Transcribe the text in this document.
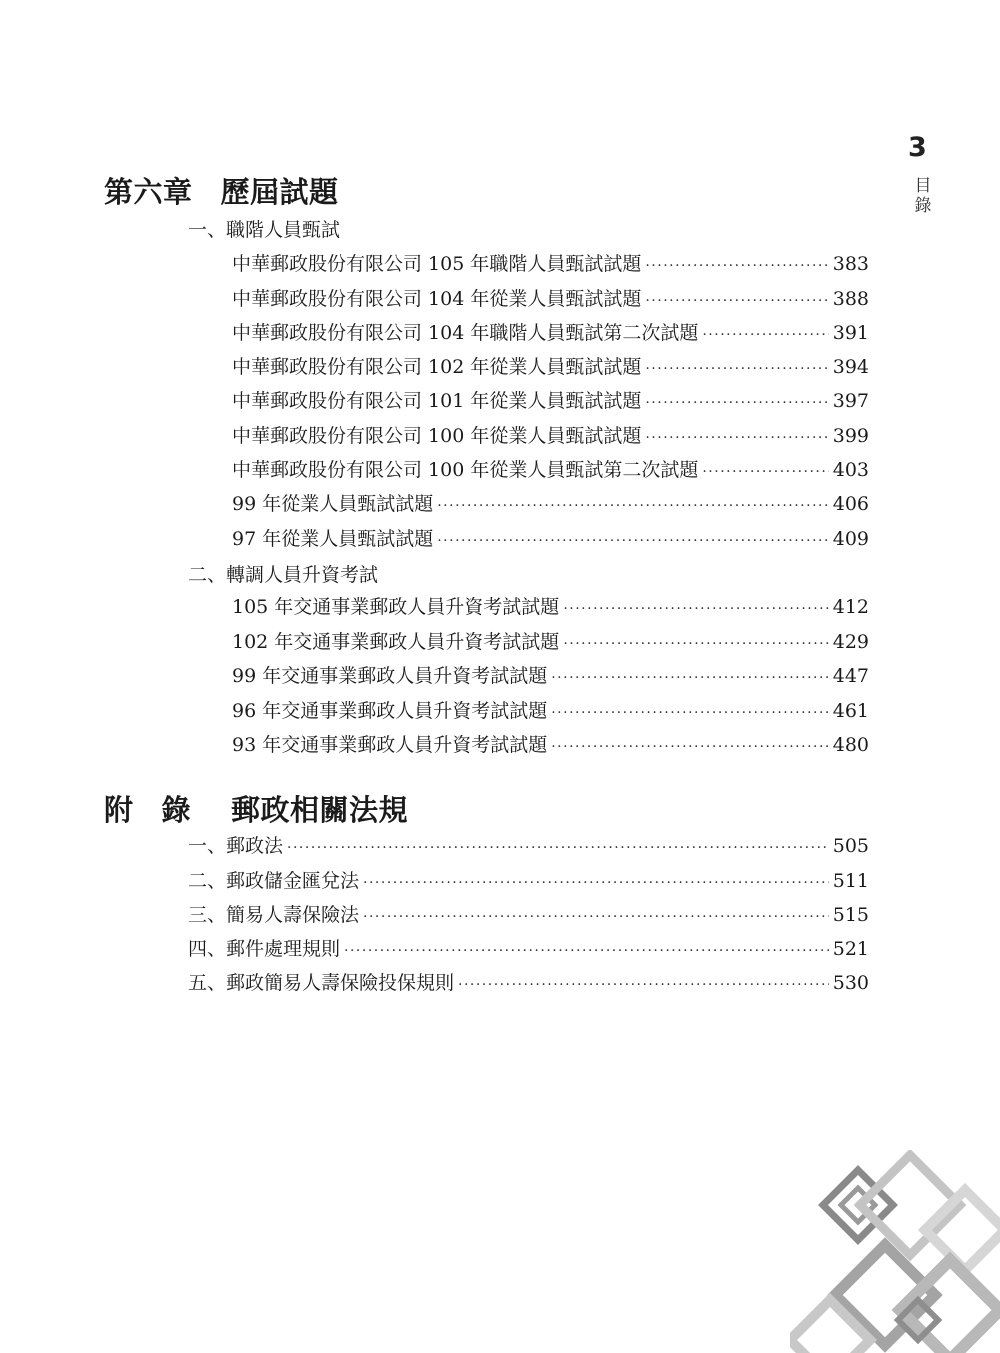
3
目
錄
第六章 歷屆試題
一、職階人員甄試
中華郵政股份有限公司 105 年職階人員甄試試題 ·····	383
中華郵政股份有限公司 104 年從業人員甄試試題 ·····	388
中華郵政股份有限公司 104 年職階人員甄試第二次試題 ·····	391
中華郵政股份有限公司 102 年從業人員甄試試題 ·····	394
中華郵政股份有限公司 101 年從業人員甄試試題 ·····	397
中華郵政股份有限公司 100 年從業人員甄試試題 ·····	399
中華郵政股份有限公司 100 年從業人員甄試第二次試題 ·····	403
99 年從業人員甄試試題 ·····	406
97 年從業人員甄試試題 ·····	409
二、轉調人員升資考試
105 年交通事業郵政人員升資考試試題 ·····	412
102 年交通事業郵政人員升資考試試題 ·····	429
99 年交通事業郵政人員升資考試試題 ·····	447
96 年交通事業郵政人員升資考試試題 ·····	461
93 年交通事業郵政人員升資考試試題 ·····	480
附 錄 郵政相關法規
一、郵政法 ·····	505
二、郵政儲金匯兌法 ·····	511
三、簡易人壽保險法 ·····	515
四、郵件處理規則 ·····	521
五、郵政簡易人壽保險投保規則 ·····	530
